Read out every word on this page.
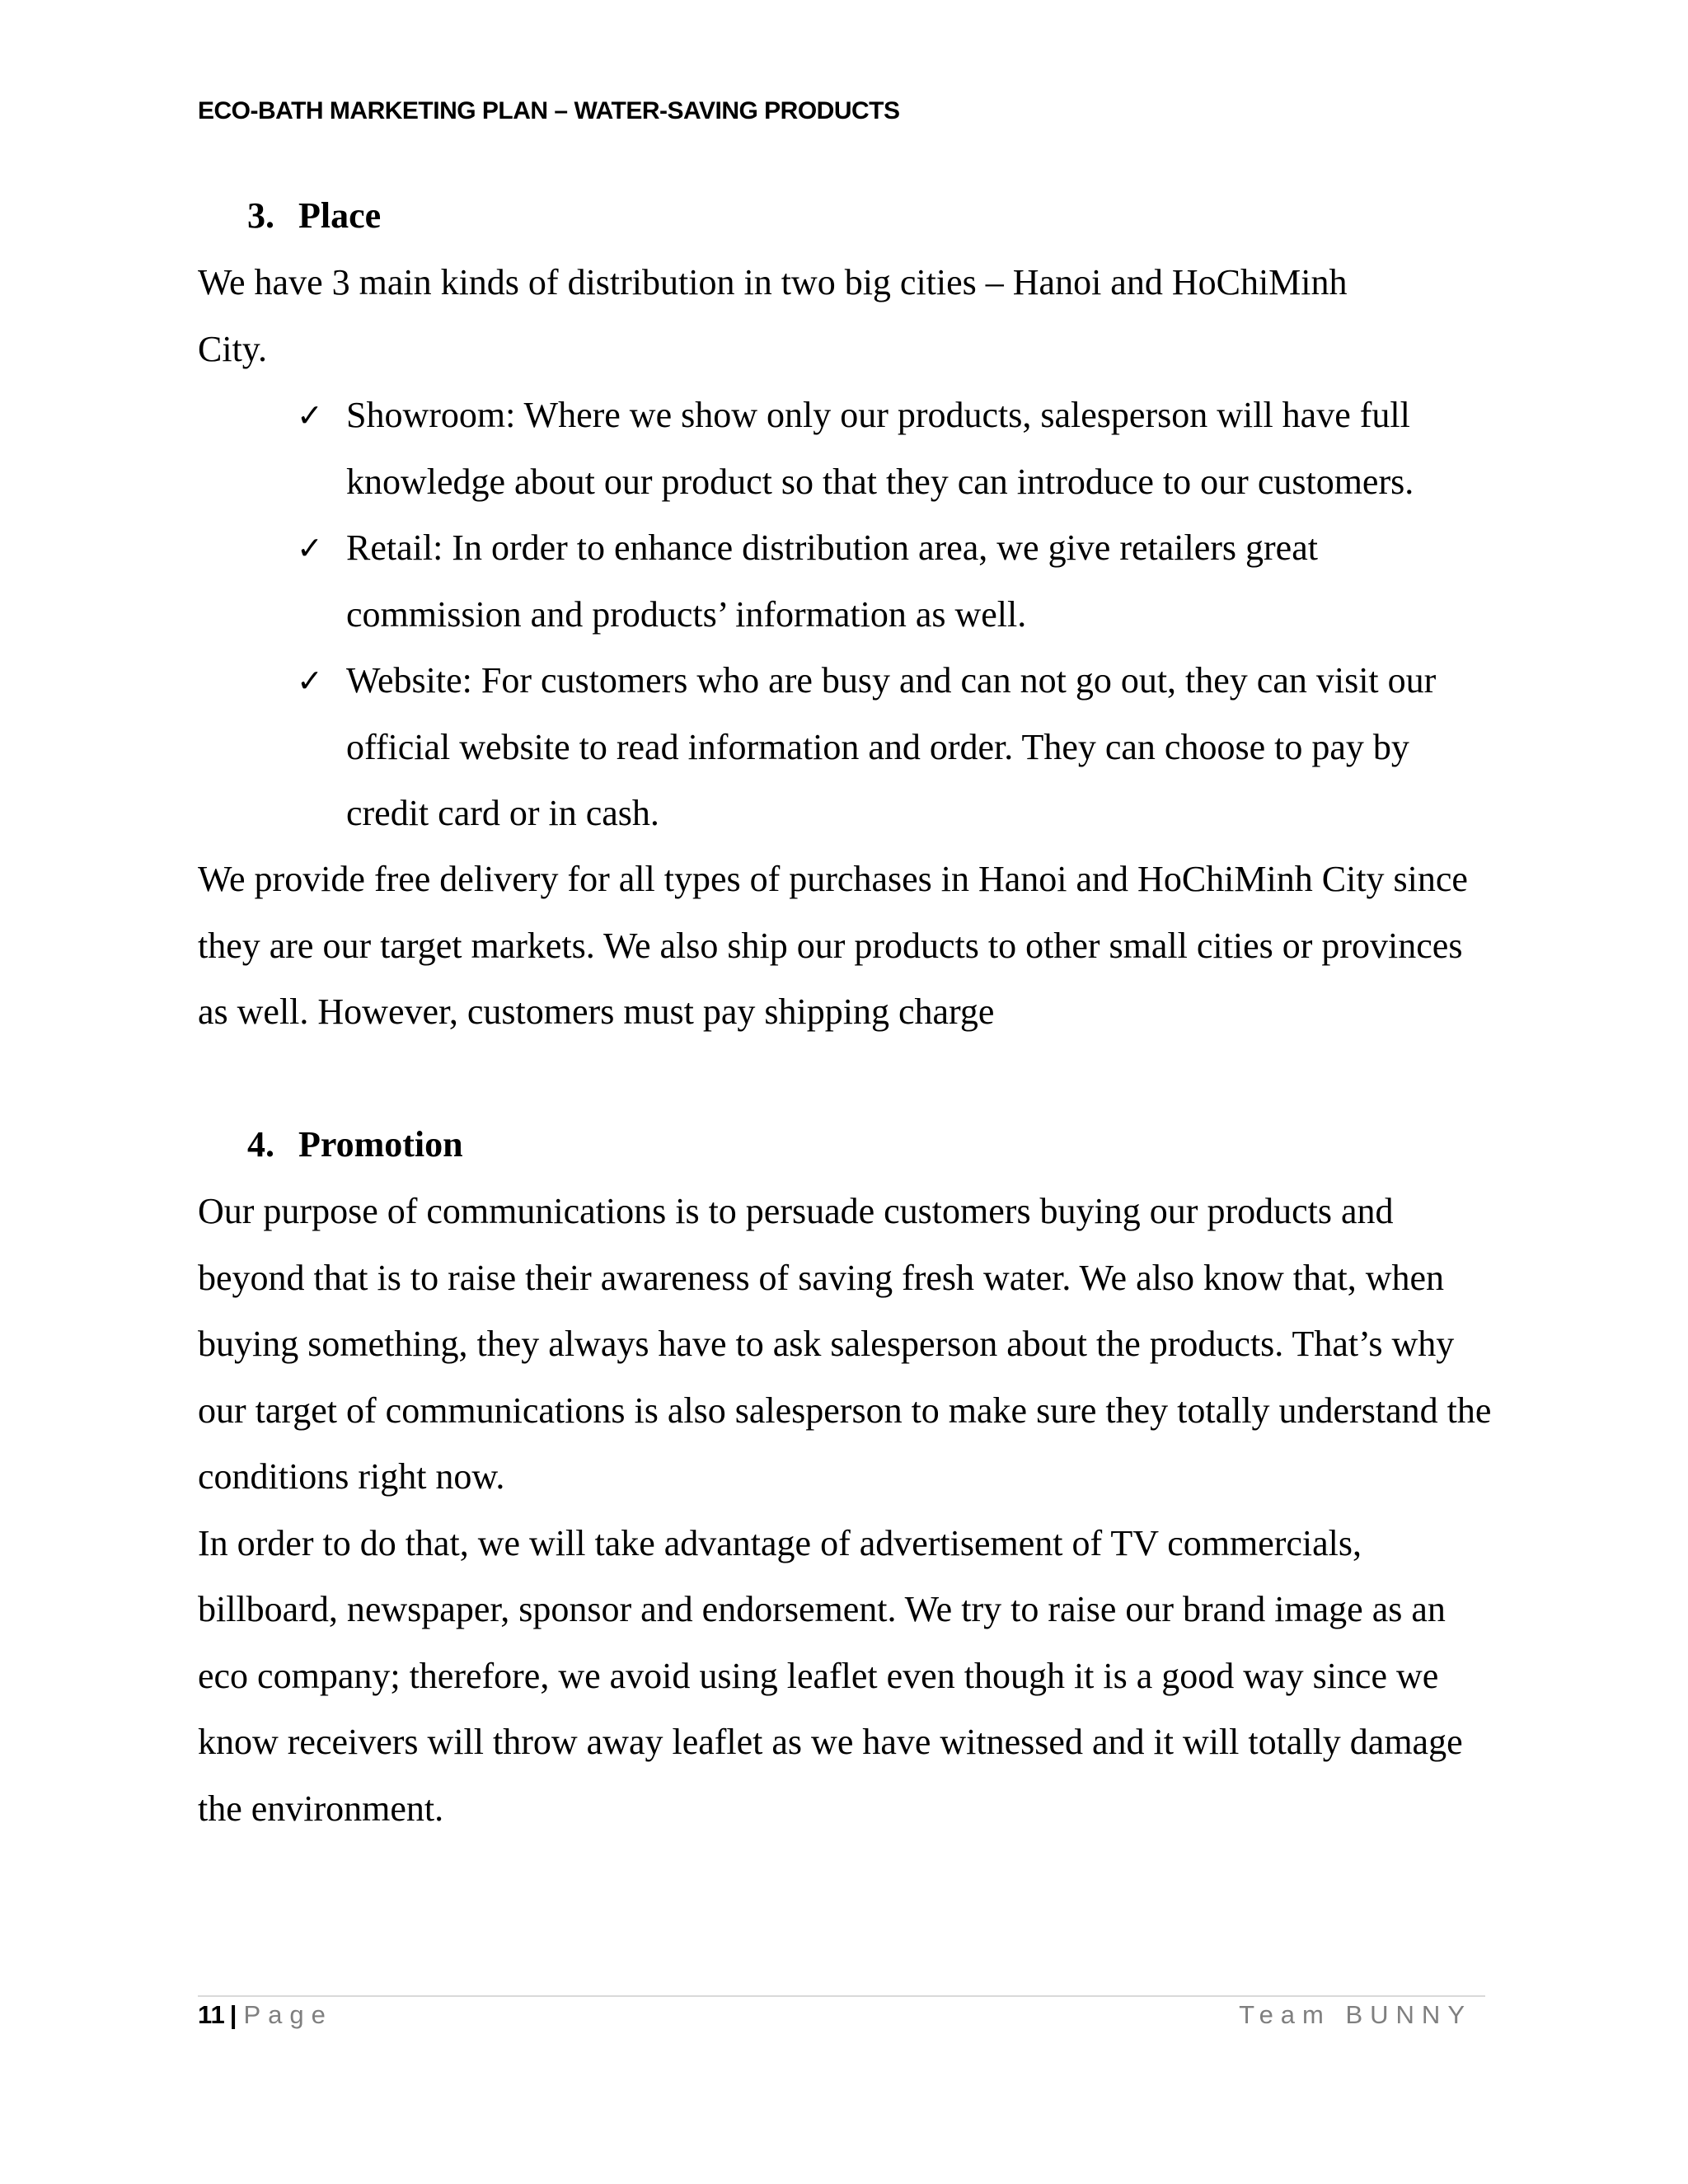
ECO-BATH MARKETING PLAN – WATER-SAVING PRODUCTS
3. Place

We have 3 main kinds of distribution in two big cities – Hanoi and HoChiMinh

City.

✓ Showroom: Where we show only our products, salesperson will have full knowledge about our product so that they can introduce to our customers.
✓ Retail: In order to enhance distribution area, we give retailers great commission and products’ information as well.
✓ Website: For customers who are busy and can not go out, they can visit our official website to read information and order. They can choose to pay by credit card or in cash.

We provide free delivery for all types of purchases in Hanoi and HoChiMinh City since they are our target markets. We also ship our products to other small cities or provinces as well. However, customers must pay shipping charge

4. Promotion

Our purpose of communications is to persuade customers buying our products and beyond that is to raise their awareness of saving fresh water. We also know that, when buying something, they always have to ask salesperson about the products. That’s why our target of communications is also salesperson to make sure they totally understand the conditions right now.

In order to do that, we will take advantage of advertisement of TV commercials, billboard, newspaper, sponsor and endorsement. We try to raise our brand image as an eco company; therefore, we avoid using leaflet even though it is a good way since we know receivers will throw away leaflet as we have witnessed and it will totally damage the environment.

11 | Page	Team BUNNY
